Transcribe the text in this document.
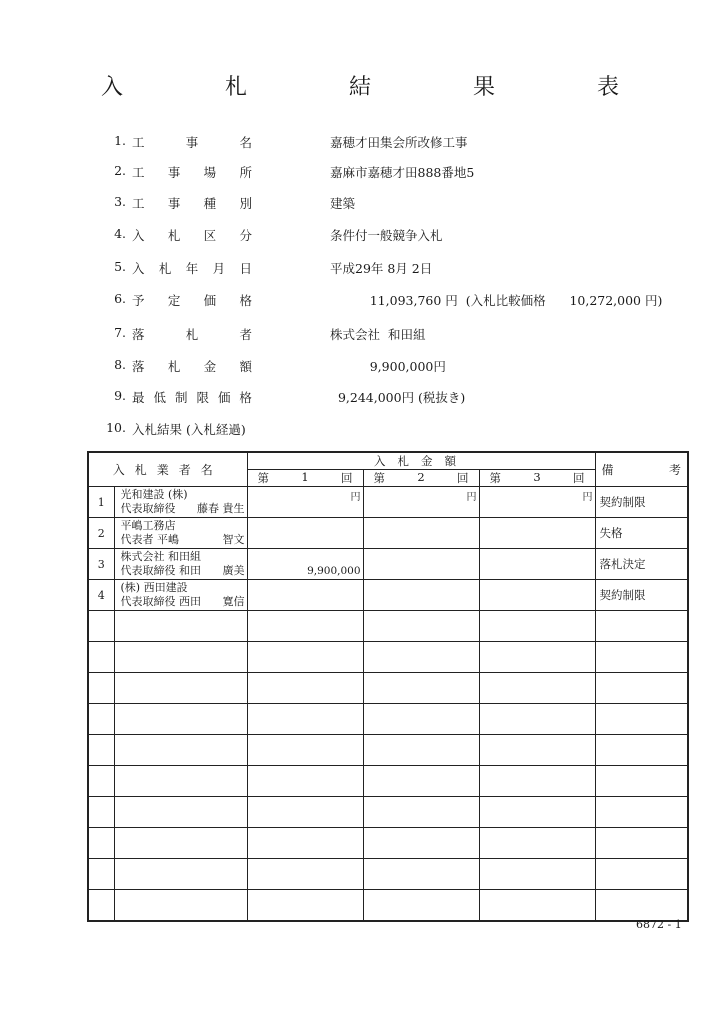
入　札　結　果　表
1. 工	事	名	嘉穂才田集会所改修工事
2. 工 事 場 所	嘉麻市嘉穂才田888番地5
3. 工 事 種 別	建築
4. 入 札 区 分	条件付一般競争入札
5. 入 札 年 月 日	平成29年 8月 2日
6. 予 定 価 格	11,093,760 円  (入札比較価格      10,272,000 円)
7. 落	札	者	株式会社  和田組
8. 落 札 金 額	9,900,000円
9. 最 低 制 限 価 格	9,244,000円 (税抜き)
10. 入札結果 (入札経過)
入札業者名		入札金額			備 考

		第 1 回	第 2 回	第 3 回	

1	光和建設 (株)
代表取締役 藤春 貴生	円	円	円	契約制限
2	平嶋工務店
代表者 平嶋 智文				失格
3	株式会社 和田組
代表取締役 和田 廣美	9,900,000			落札決定
4	(株) 西田建設
代表取締役 西田 寛信				契約制限

6872 - 1
